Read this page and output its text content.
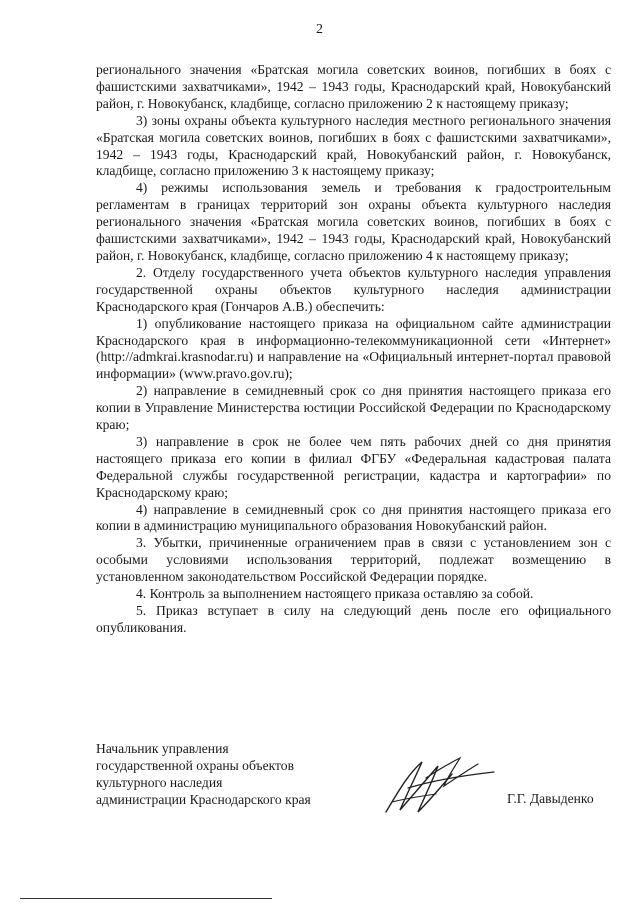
2

регионального значения «Братская могила советских воинов, погибших в боях с фашистскими захватчиками», 1942 – 1943 годы, Краснодарский край, Новокубанский район, г. Новокубанск, кладбище, согласно приложению 2 к настоящему приказу;

3) зоны охраны объекта культурного наследия местного регионального значения «Братская могила советских воинов, погибших в боях с фашистскими захватчиками», 1942 – 1943 годы, Краснодарский край, Новокубанский район, г. Новокубанск, кладбище, согласно приложению 3 к настоящему приказу;

4) режимы использования земель и требования к градостроительным регламентам в границах территорий зон охраны объекта культурного наследия регионального значения «Братская могила советских воинов, погибших в боях с фашистскими захватчиками», 1942 – 1943 годы, Краснодарский край, Новокубанский район, г. Новокубанск, кладбище, согласно приложению 4 к настоящему приказу;

2. Отделу государственного учета объектов культурного наследия управления государственной охраны объектов культурного наследия администрации Краснодарского края (Гончаров А.В.) обеспечить:

1) опубликование настоящего приказа на официальном сайте администрации Краснодарского края в информационно-телекоммуникационной сети «Интернет» (http://admkrai.krasnodar.ru) и направление на «Официальный интернет-портал правовой информации» (www.pravo.gov.ru);

2) направление в семидневный срок со дня принятия настоящего приказа его копии в Управление Министерства юстиции Российской Федерации по Краснодарскому краю;

3) направление в срок не более чем пять рабочих дней со дня принятия настоящего приказа его копии в филиал ФГБУ «Федеральная кадастровая палата Федеральной службы государственной регистрации, кадастра и картографии» по Краснодарскому краю;

4) направление в семидневный срок со дня принятия настоящего приказа его копии в администрацию муниципального образования Новокубанский район.

3. Убытки, причиненные ограничением прав в связи с установлением зон с особыми условиями использования территорий, подлежат возмещению в установленном законодательством Российской Федерации порядке.

4. Контроль за выполнением настоящего приказа оставляю за собой.

5. Приказ вступает в силу на следующий день после его официального опубликования.

Начальник управления
государственной охраны объектов
культурного наследия
администрации Краснодарского края	Г.Г. Давыденко
